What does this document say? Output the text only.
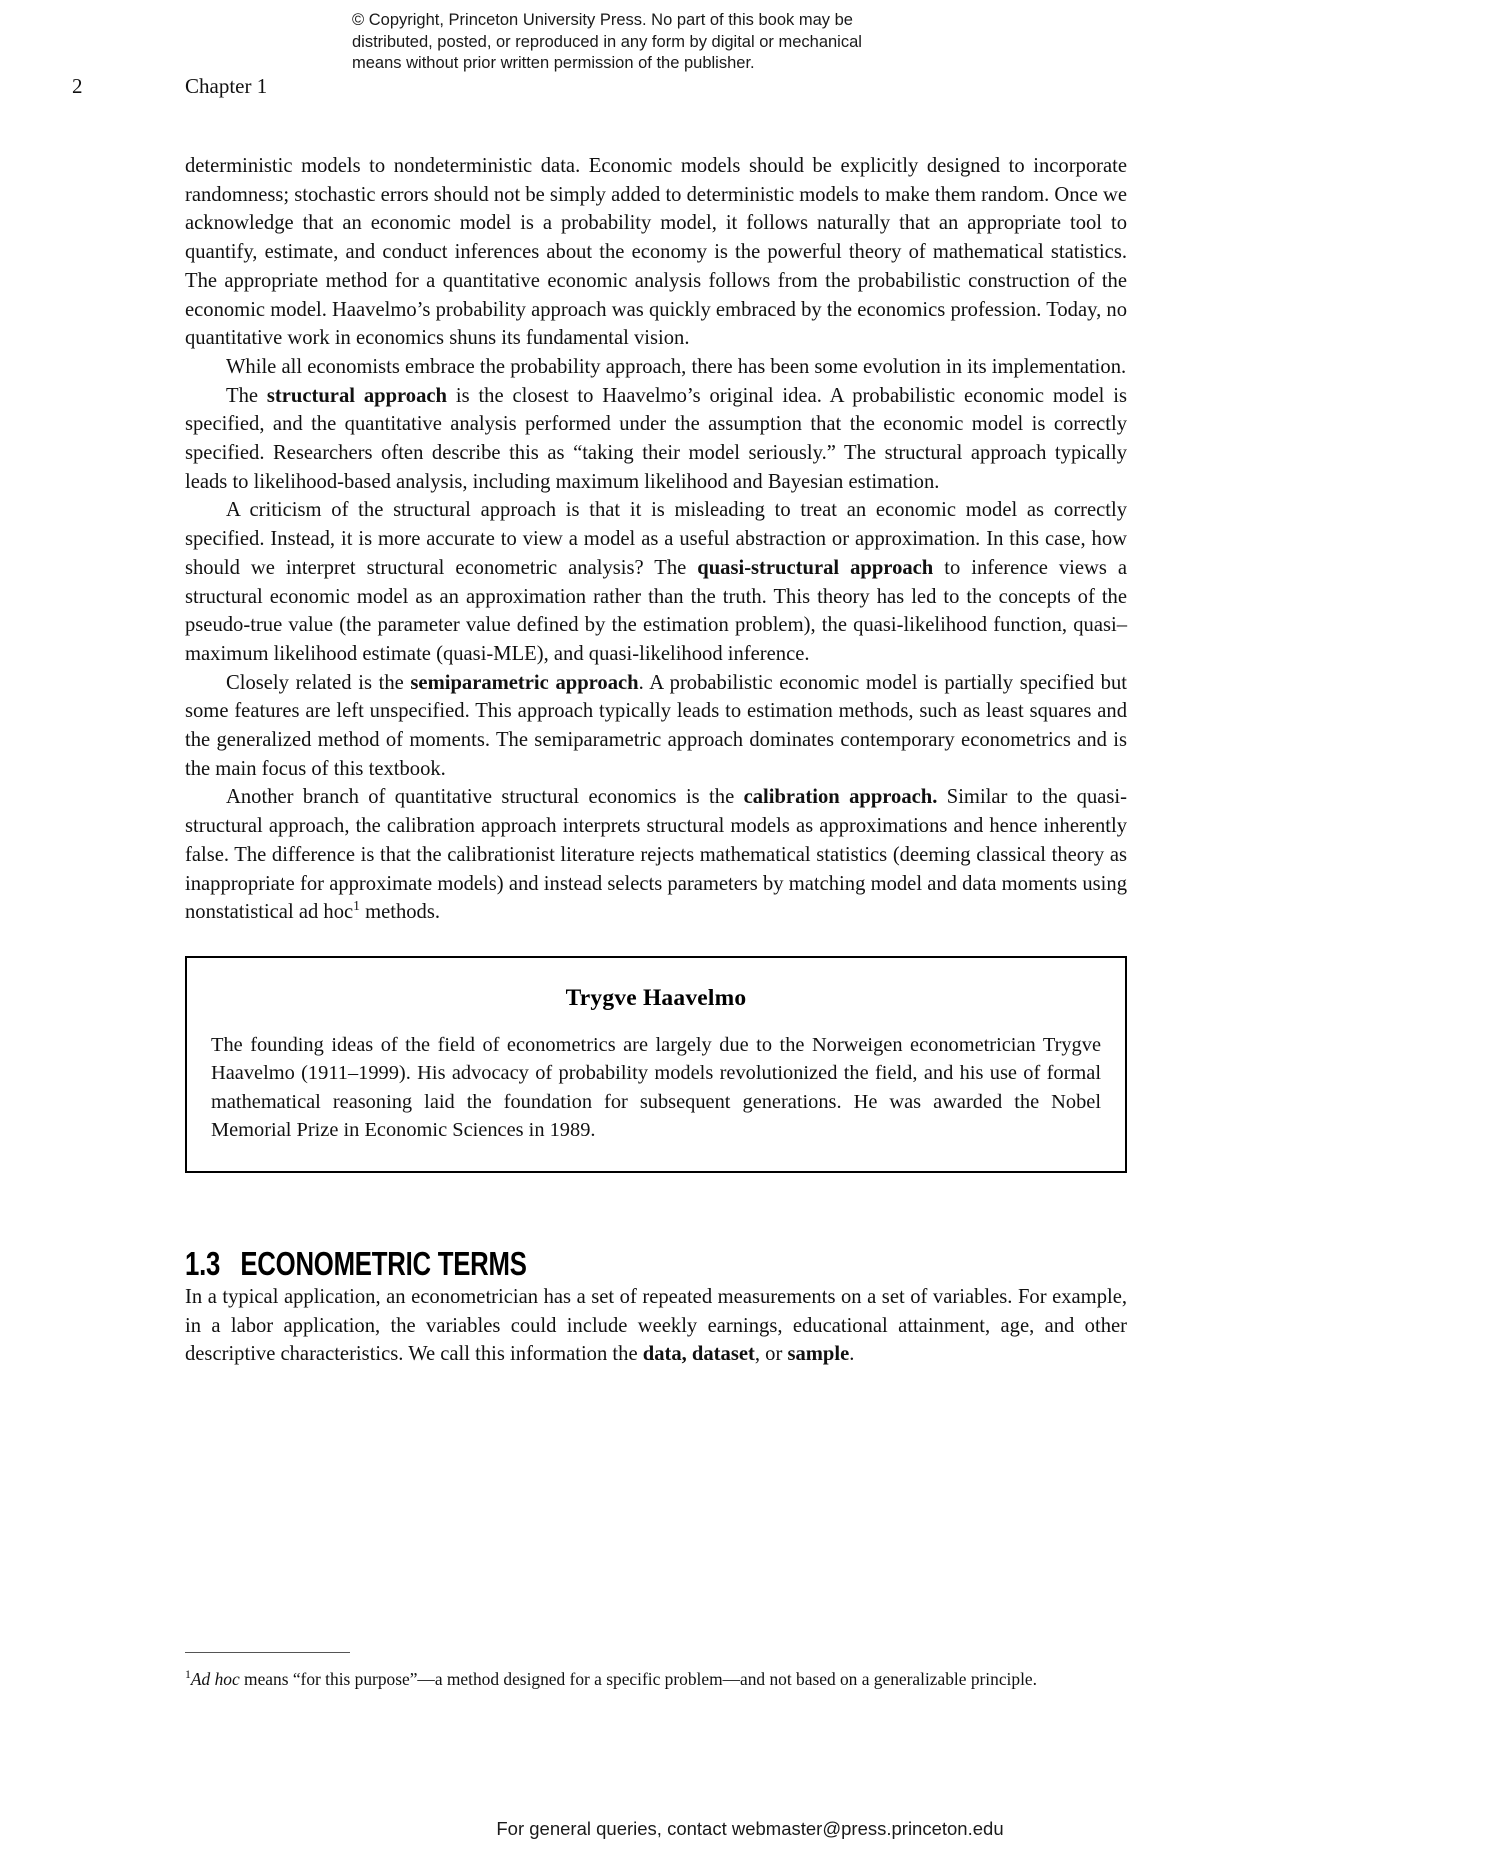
© Copyright, Princeton University Press. No part of this book may be
distributed, posted, or reproduced in any form by digital or mechanical
means without prior written permission of the publisher.
2	Chapter 1

deterministic models to nondeterministic data. Economic models should be explicitly designed to incorporate randomness; stochastic errors should not be simply added to deterministic models to make them random. Once we acknowledge that an economic model is a probability model, it follows naturally that an appropriate tool to quantify, estimate, and conduct inferences about the economy is the powerful theory of mathematical statistics. The appropriate method for a quantitative economic analysis follows from the probabilistic construction of the economic model. Haavelmo’s probability approach was quickly embraced by the economics profession. Today, no quantitative work in economics shuns its fundamental vision.

While all economists embrace the probability approach, there has been some evolution in its implementation.

The structural approach is the closest to Haavelmo’s original idea. A probabilistic economic model is specified, and the quantitative analysis performed under the assumption that the economic model is correctly specified. Researchers often describe this as “taking their model seriously.” The structural approach typically leads to likelihood-based analysis, including maximum likelihood and Bayesian estimation.

A criticism of the structural approach is that it is misleading to treat an economic model as correctly specified. Instead, it is more accurate to view a model as a useful abstraction or approximation. In this case, how should we interpret structural econometric analysis? The quasi-structural approach to inference views a structural economic model as an approximation rather than the truth. This theory has led to the concepts of the pseudo-true value (the parameter value defined by the estimation problem), the quasi-likelihood function, quasi–maximum likelihood estimate (quasi-MLE), and quasi-likelihood inference.

Closely related is the semiparametric approach. A probabilistic economic model is partially specified but some features are left unspecified. This approach typically leads to estimation methods, such as least squares and the generalized method of moments. The semiparametric approach dominates contemporary econometrics and is the main focus of this textbook.

Another branch of quantitative structural economics is the calibration approach. Similar to the quasi-structural approach, the calibration approach interprets structural models as approximations and hence inherently false. The difference is that the calibrationist literature rejects mathematical statistics (deeming classical theory as inappropriate for approximate models) and instead selects parameters by matching model and data moments using nonstatistical ad hoc$^1$ methods.

Trygve Haavelmo

The founding ideas of the field of econometrics are largely due to the Norweigen econometrician Trygve Haavelmo (1911–1999). His advocacy of probability models revolutionized the field, and his use of formal mathematical reasoning laid the foundation for subsequent generations. He was awarded the Nobel Memorial Prize in Economic Sciences in 1989.

1.3 ECONOMETRIC TERMS

In a typical application, an econometrician has a set of repeated measurements on a set of variables. For example, in a labor application, the variables could include weekly earnings, educational attainment, age, and other descriptive characteristics. We call this information the data, dataset, or sample.

$^1$Ad hoc means “for this purpose”—a method designed for a specific problem—and not based on a generalizable principle.

For general queries, contact webmaster@press.princeton.edu
